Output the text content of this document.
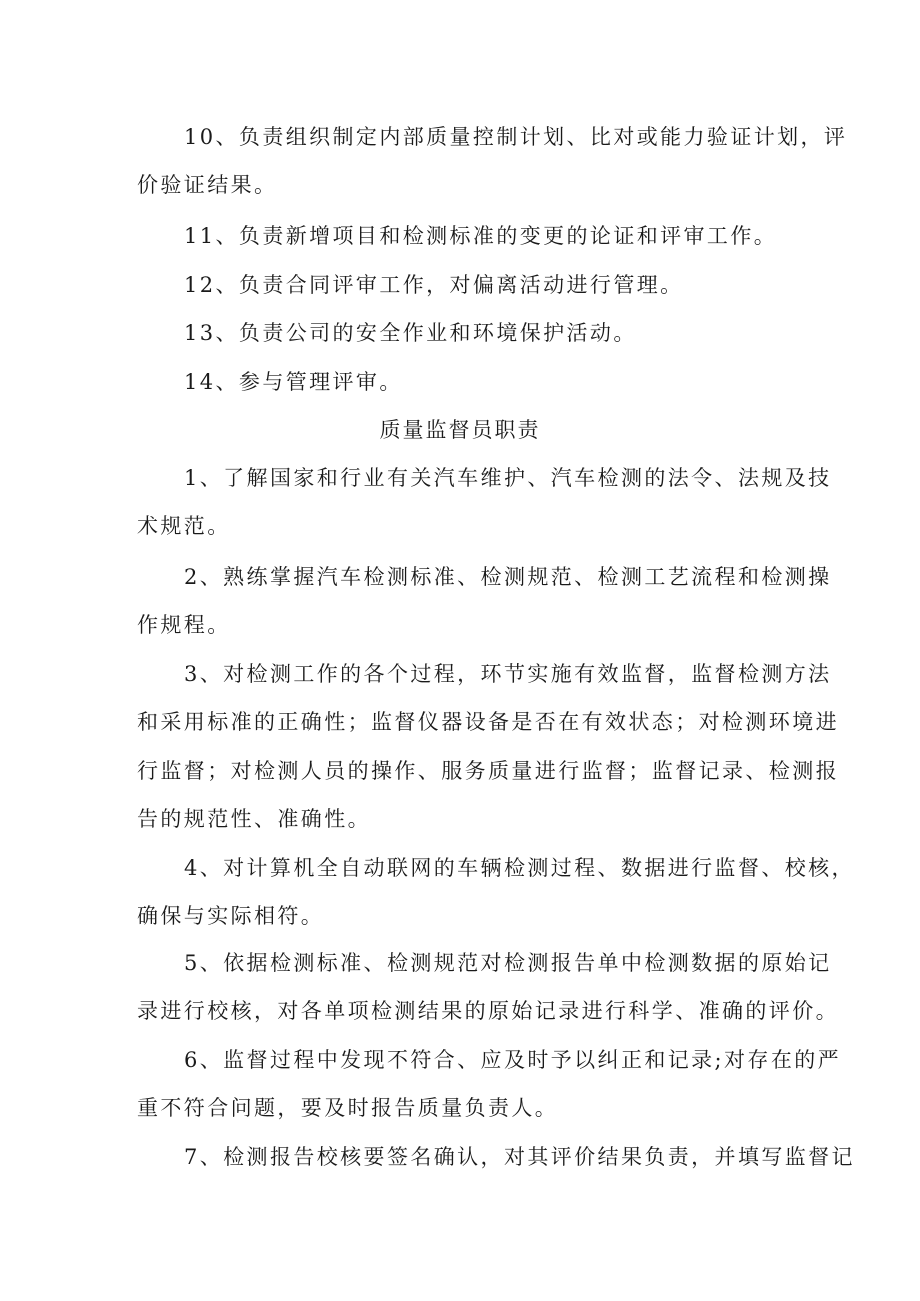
10、负责组织制定内部质量控制计划、比对或能力验证计划，评
价验证结果。
11、负责新增项目和检测标准的变更的论证和评审工作。
12、负责合同评审工作，对偏离活动进行管理。
13、负责公司的安全作业和环境保护活动。
14、参与管理评审。
质量监督员职责
1、了解国家和行业有关汽车维护、汽车检测的法令、法规及技
术规范。
2、熟练掌握汽车检测标准、检测规范、检测工艺流程和检测操
作规程。
3、对检测工作的各个过程，环节实施有效监督，监督检测方法
和采用标准的正确性；监督仪器设备是否在有效状态；对检测环境进
行监督；对检测人员的操作、服务质量进行监督；监督记录、检测报
告的规范性、准确性。
4、对计算机全自动联网的车辆检测过程、数据进行监督、校核，
确保与实际相符。
5、依据检测标准、检测规范对检测报告单中检测数据的原始记
录进行校核，对各单项检测结果的原始记录进行科学、准确的评价。
6、监督过程中发现不符合、应及时予以纠正和记录;对存在的严
重不符合问题，要及时报告质量负责人。
7、检测报告校核要签名确认，对其评价结果负责，并填写监督记
